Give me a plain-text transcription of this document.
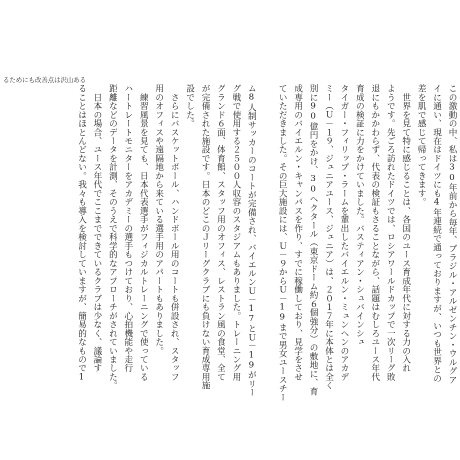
るためにも改善点は沢山ある

この激動の中、私は30年前から毎年、ブラジル・アルゼンチン・ウルグア

イに通い、現在はドイツにも4年連続で通っておりますが、いつも世界との

差を肌で感じて帰ってきます。

　世界を見て特に感じることは、各国のユース育成年代に対する力の入れ

ようです。先ごろ訪れたドイツでは、ロシアワールドカップで一次リーグ敗

退にもかかわらず、代表の検証もさることながら、話題はむしろユース年代

育成の検証に力をかけていました。バスティアン・シュバインシュ

タイガー・フィリップ・ラームを輩出したバイエルン・ミュンヘンのアカデ

ミー（Ｕ－１９、ジュニアユース、ジュニア）は、２０１７年に本体とは全く

別に90億円をかけ、30ヘクタール（東京ドーム約６個強分）の敷地に、育

成専用のバイエルン・キャンパスを作り、すでに稼働しており、見学をさせ

ていただきました。その巨大施設には、Ｕ－９からＵ－19まで男女ユースチー

ム8人制サッカーのコートが完備され、バイエルンＵ－17とＵ－19がリー

グ戦で使用する２５００人収容のスタジアムもありました。トレーニング用

グランド６面、体育館、スタッフ用のオフィス、レストラン風の食堂、全て

が完備された施設です。日本のどこのＪリーグクラブにも負けない育成専用施

設でした。

　さらにバスケットボール、ハンドボール用のコートも併設され、スタッフ

用のオフィスや遠隔地から来ている選手用のアパートもありました。

　練習風景を見ても、日本代表選手がフィジカルトレーニングで使っている

ハートレートモニターをアカデミーの選手もつけており、心拍機能や走行

距離などのデータを計測、そのうえで科学的なアプローチがされていました。

　日本の場合、ユース年代でここまでできているクラブは少なく、議論す

ることはほとんどない。我々も導入を検討していますが、簡易的なもので1
